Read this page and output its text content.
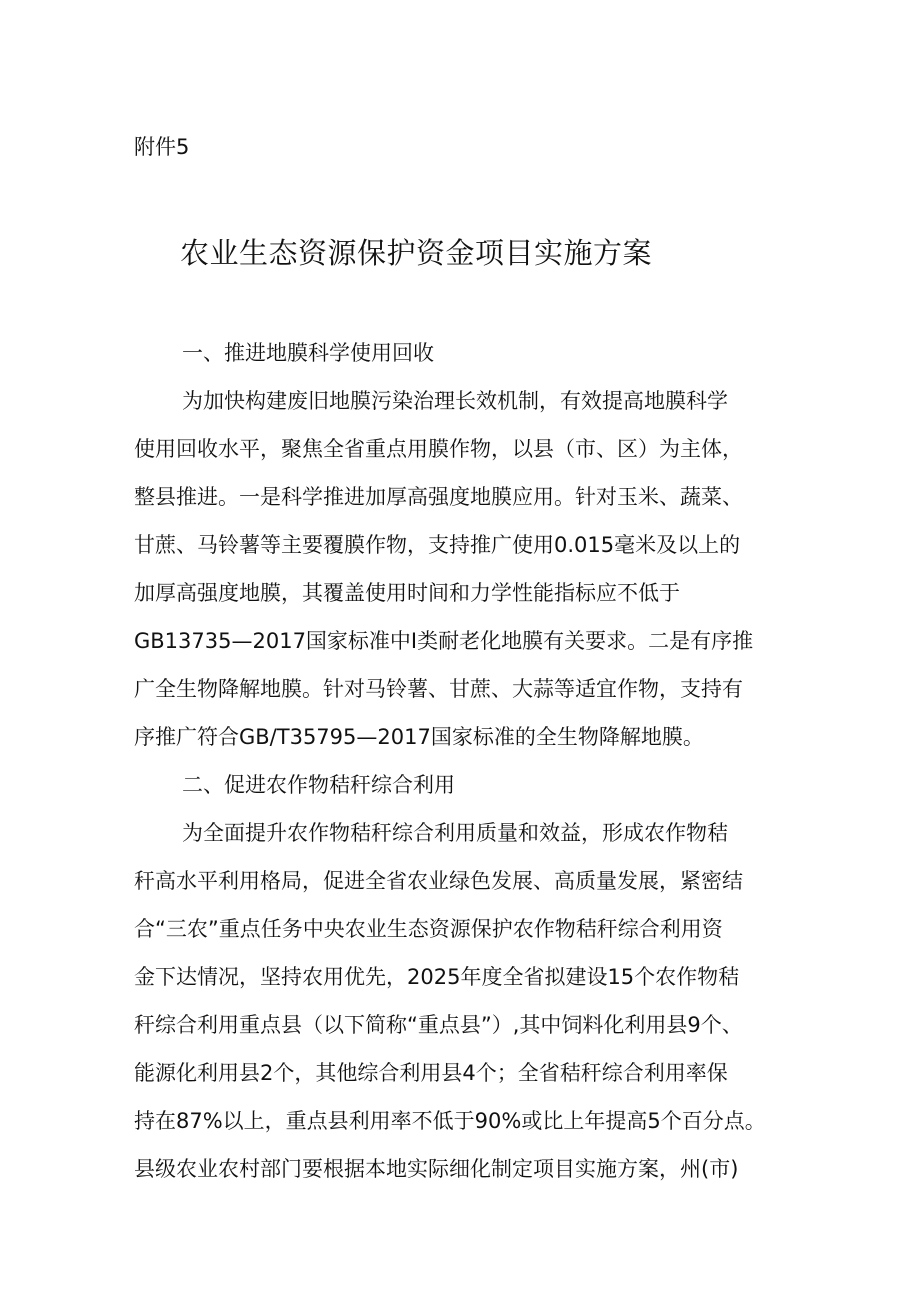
附件5
农业生态资源保护资金项目实施方案
一、推进地膜科学使用回收
为加快构建废旧地膜污染治理长效机制，有效提高地膜科学
使用回收水平，聚焦全省重点用膜作物，以县（市、区）为主体，
整县推进。一是科学推进加厚高强度地膜应用。针对玉米、蔬菜、
甘蔗、马铃薯等主要覆膜作物，支持推广使用0.015毫米及以上的
加厚高强度地膜，其覆盖使用时间和力学性能指标应不低于
GB13735—2017国家标准中I类耐老化地膜有关要求。二是有序推
广全生物降解地膜。针对马铃薯、甘蔗、大蒜等适宜作物，支持有
序推广符合GB/T35795—2017国家标准的全生物降解地膜。
二、促进农作物秸秆综合利用
为全面提升农作物秸秆综合利用质量和效益，形成农作物秸
秆高水平利用格局，促进全省农业绿色发展、高质量发展，紧密结
合“三农”重点任务中央农业生态资源保护农作物秸秆综合利用资
金下达情况，坚持农用优先，2025年度全省拟建设15个农作物秸
秆综合利用重点县（以下简称“重点县”）,其中饲料化利用县9个、
能源化利用县2个，其他综合利用县4个；全省秸秆综合利用率保
持在87%以上，重点县利用率不低于90%或比上年提高5个百分点。
县级农业农村部门要根据本地实际细化制定项目实施方案，州(市)
